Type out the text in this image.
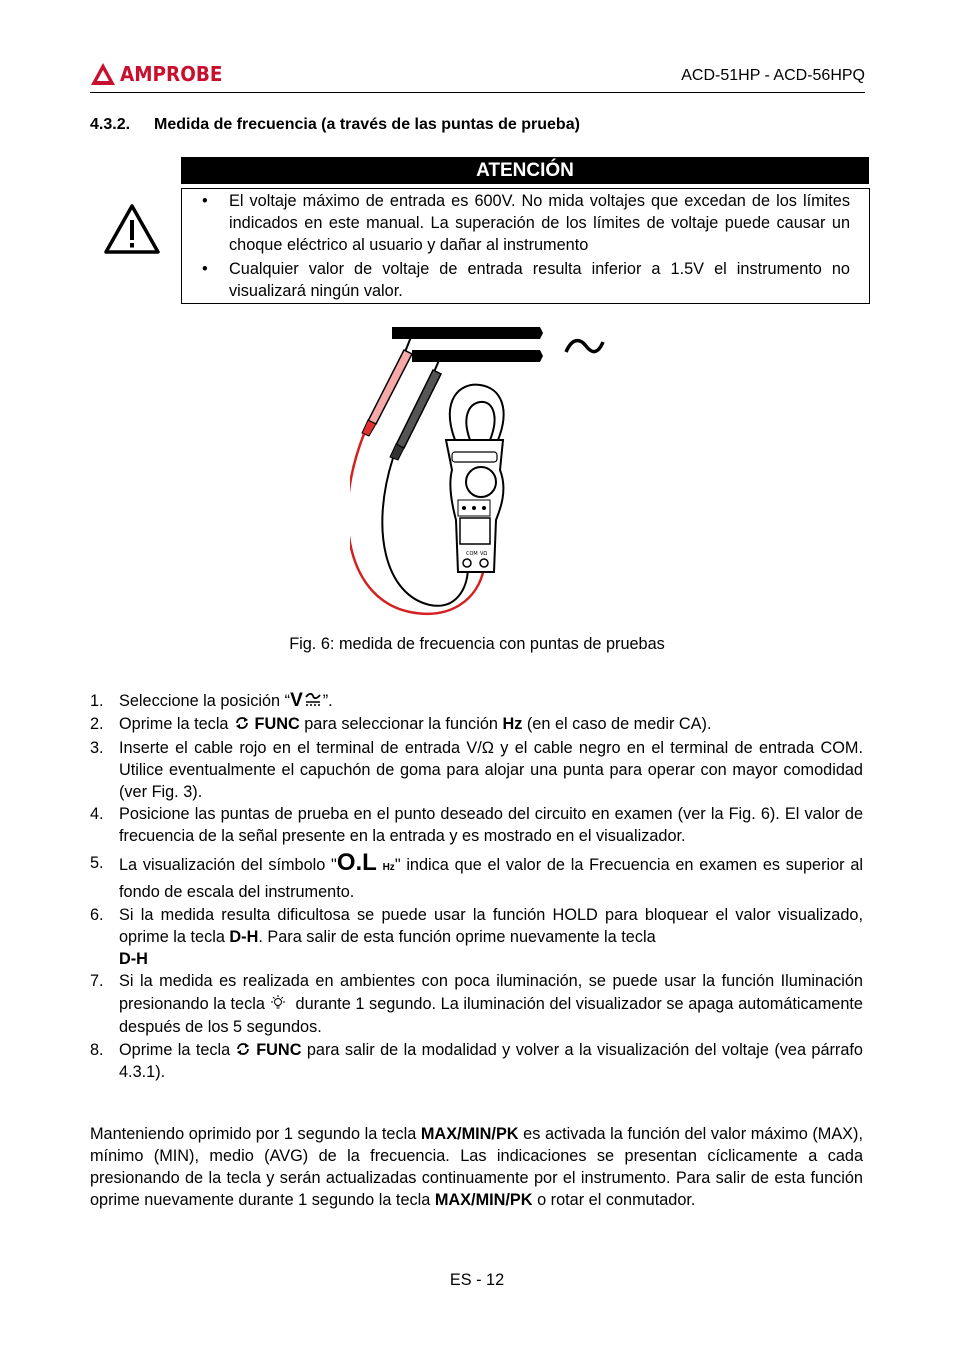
AMPROBE	ACD-51HP - ACD-56HPQ
4.3.2. Medida de frecuencia (a través de las puntas de prueba)
ATENCIÓN
• El voltaje máximo de entrada es 600V. No mida voltajes que excedan de los límites indicados en este manual. La superación de los límites de voltaje puede causar un choque eléctrico al usuario y dañar al instrumento
• Cualquier valor de voltaje de entrada resulta inferior a 1.5V el instrumento no visualizará ningún valor.
COM VΩ
Fig. 6: medida de frecuencia con puntas de pruebas
1. Seleccione la posición “V ”.
2. Oprime la tecla FUNC para seleccionar la función Hz (en el caso de medir CA).
3. Inserte el cable rojo en el terminal de entrada V/Ω y el cable negro en el terminal de entrada COM. Utilice eventualmente el capuchón de goma para alojar una punta para operar con mayor comodidad (ver Fig. 3).
4. Posicione las puntas de prueba en el punto deseado del circuito en examen (ver la Fig. 6). El valor de frecuencia de la señal presente en la entrada y es mostrado en el visualizador.
5. La visualización del símbolo "O.L Hz" indica que el valor de la Frecuencia en examen es superior al fondo de escala del instrumento.
6. Si la medida resulta dificultosa se puede usar la función HOLD para bloquear el valor visualizado, oprime la tecla D-H. Para salir de esta función oprime nuevamente la tecla
D-H
7. Si la medida es realizada en ambientes con poca iluminación, se puede usar la función Iluminación presionando la tecla durante 1 segundo. La iluminación del visualizador se apaga automáticamente después de los 5 segundos.
8. Oprime la tecla FUNC para salir de la modalidad y volver a la visualización del voltaje (vea párrafo 4.3.1).
Manteniendo oprimido por 1 segundo la tecla MAX/MIN/PK es activada la función del valor máximo (MAX), mínimo (MIN), medio (AVG) de la frecuencia. Las indicaciones se presentan cíclicamente a cada presionando de la tecla y serán actualizadas continuamente por el instrumento. Para salir de esta función oprime nuevamente durante 1 segundo la tecla MAX/MIN/PK o rotar el conmutador.
ES - 12
